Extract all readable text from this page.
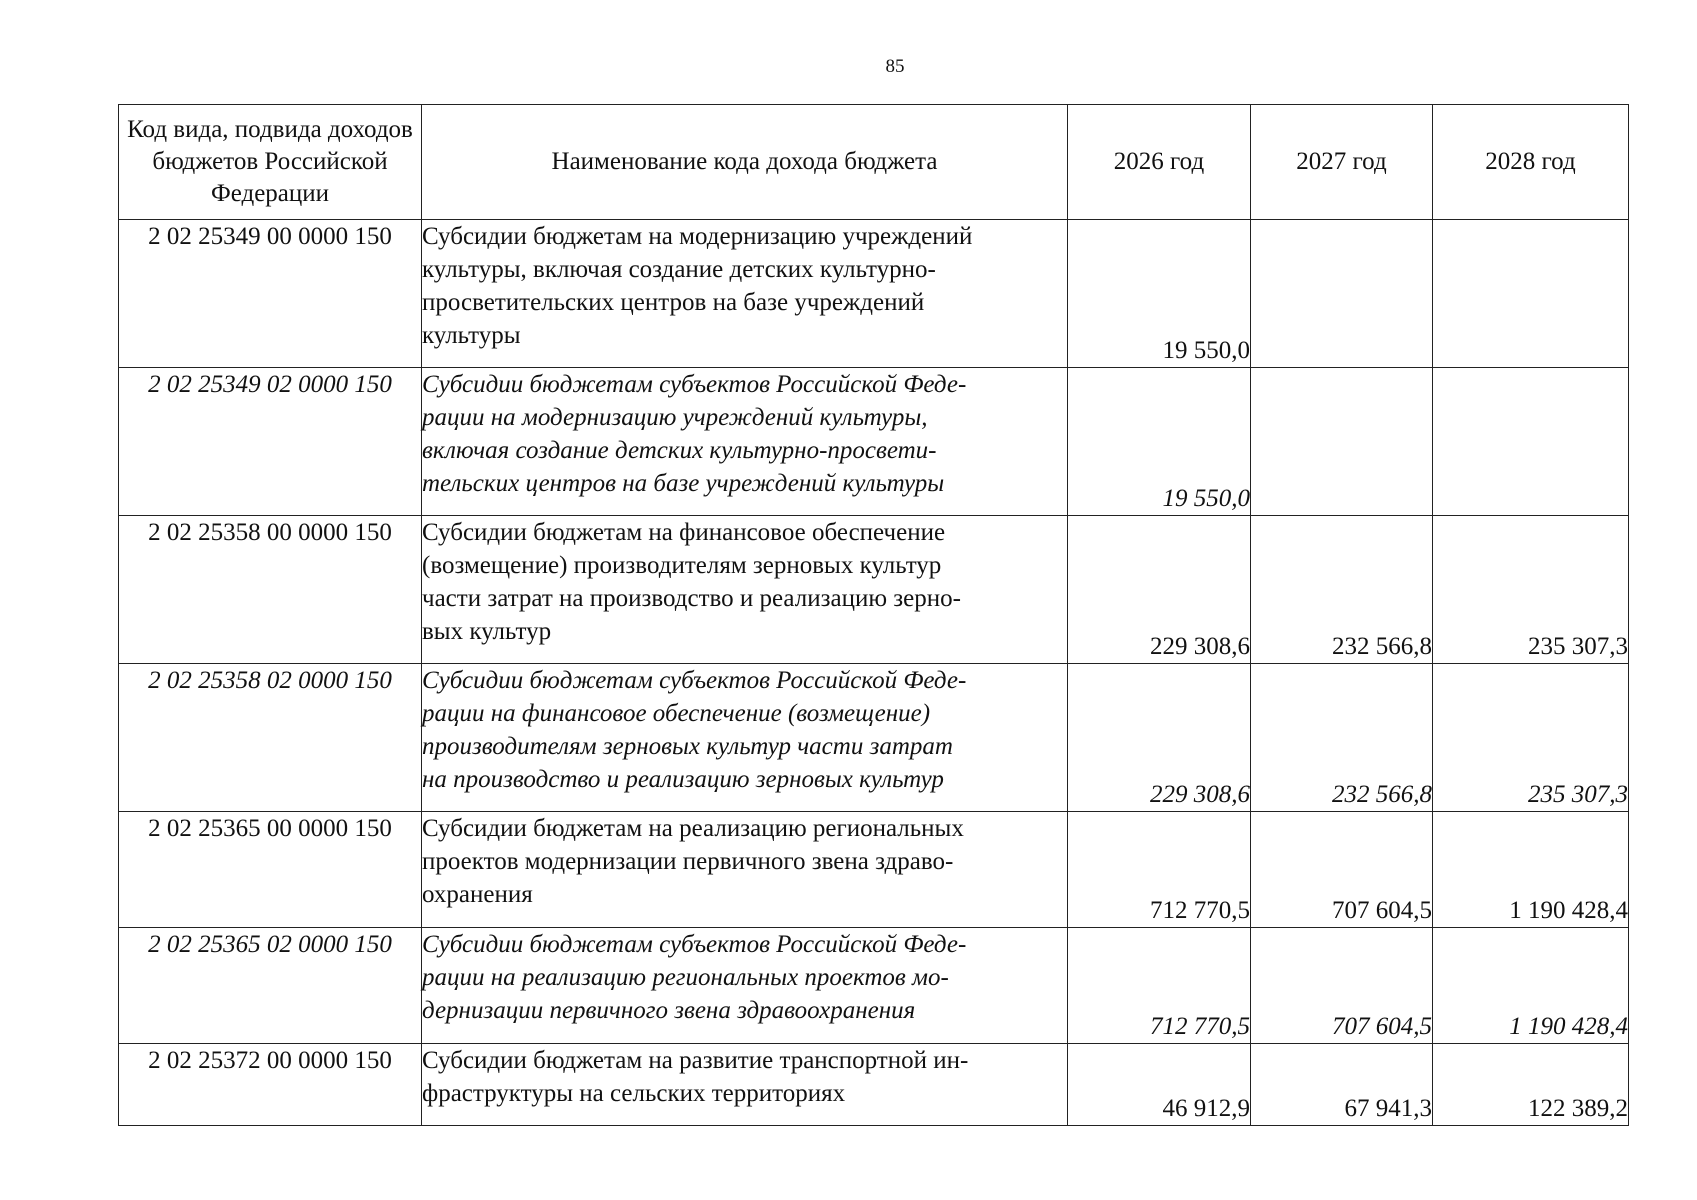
85
Код вида, подвида доходов бюджетов Российской Федерации	Наименование кода дохода бюджета	2026 год	2027 год	2028 год
2 02 25349 00 0000 150	Субсидии бюджетам на модернизацию учреждений
культуры, включая создание детских культурно-
просветительских центров на базе учреждений
культуры	19 550,0		
2 02 25349 02 0000 150	Субсидии бюджетам субъектов Российской Феде-
рации на модернизацию учреждений культуры,
включая создание детских культурно-просвети-
тельских центров на базе учреждений культуры	19 550,0		
2 02 25358 00 0000 150	Субсидии бюджетам на финансовое обеспечение
(возмещение) производителям зерновых культур
части затрат на производство и реализацию зерно-
вых культур	229 308,6	232 566,8	235 307,3
2 02 25358 02 0000 150	Субсидии бюджетам субъектов Российской Феде-
рации на финансовое обеспечение (возмещение)
производителям зерновых культур части затрат
на производство и реализацию зерновых культур	229 308,6	232 566,8	235 307,3
2 02 25365 00 0000 150	Субсидии бюджетам на реализацию региональных
проектов модернизации первичного звена здраво-
охранения	712 770,5	707 604,5	1 190 428,4
2 02 25365 02 0000 150	Субсидии бюджетам субъектов Российской Феде-
рации на реализацию региональных проектов мо-
дернизации первичного звена здравоохранения	712 770,5	707 604,5	1 190 428,4
2 02 25372 00 0000 150	Субсидии бюджетам на развитие транспортной ин-
фраструктуры на сельских территориях	46 912,9	67 941,3	122 389,2
